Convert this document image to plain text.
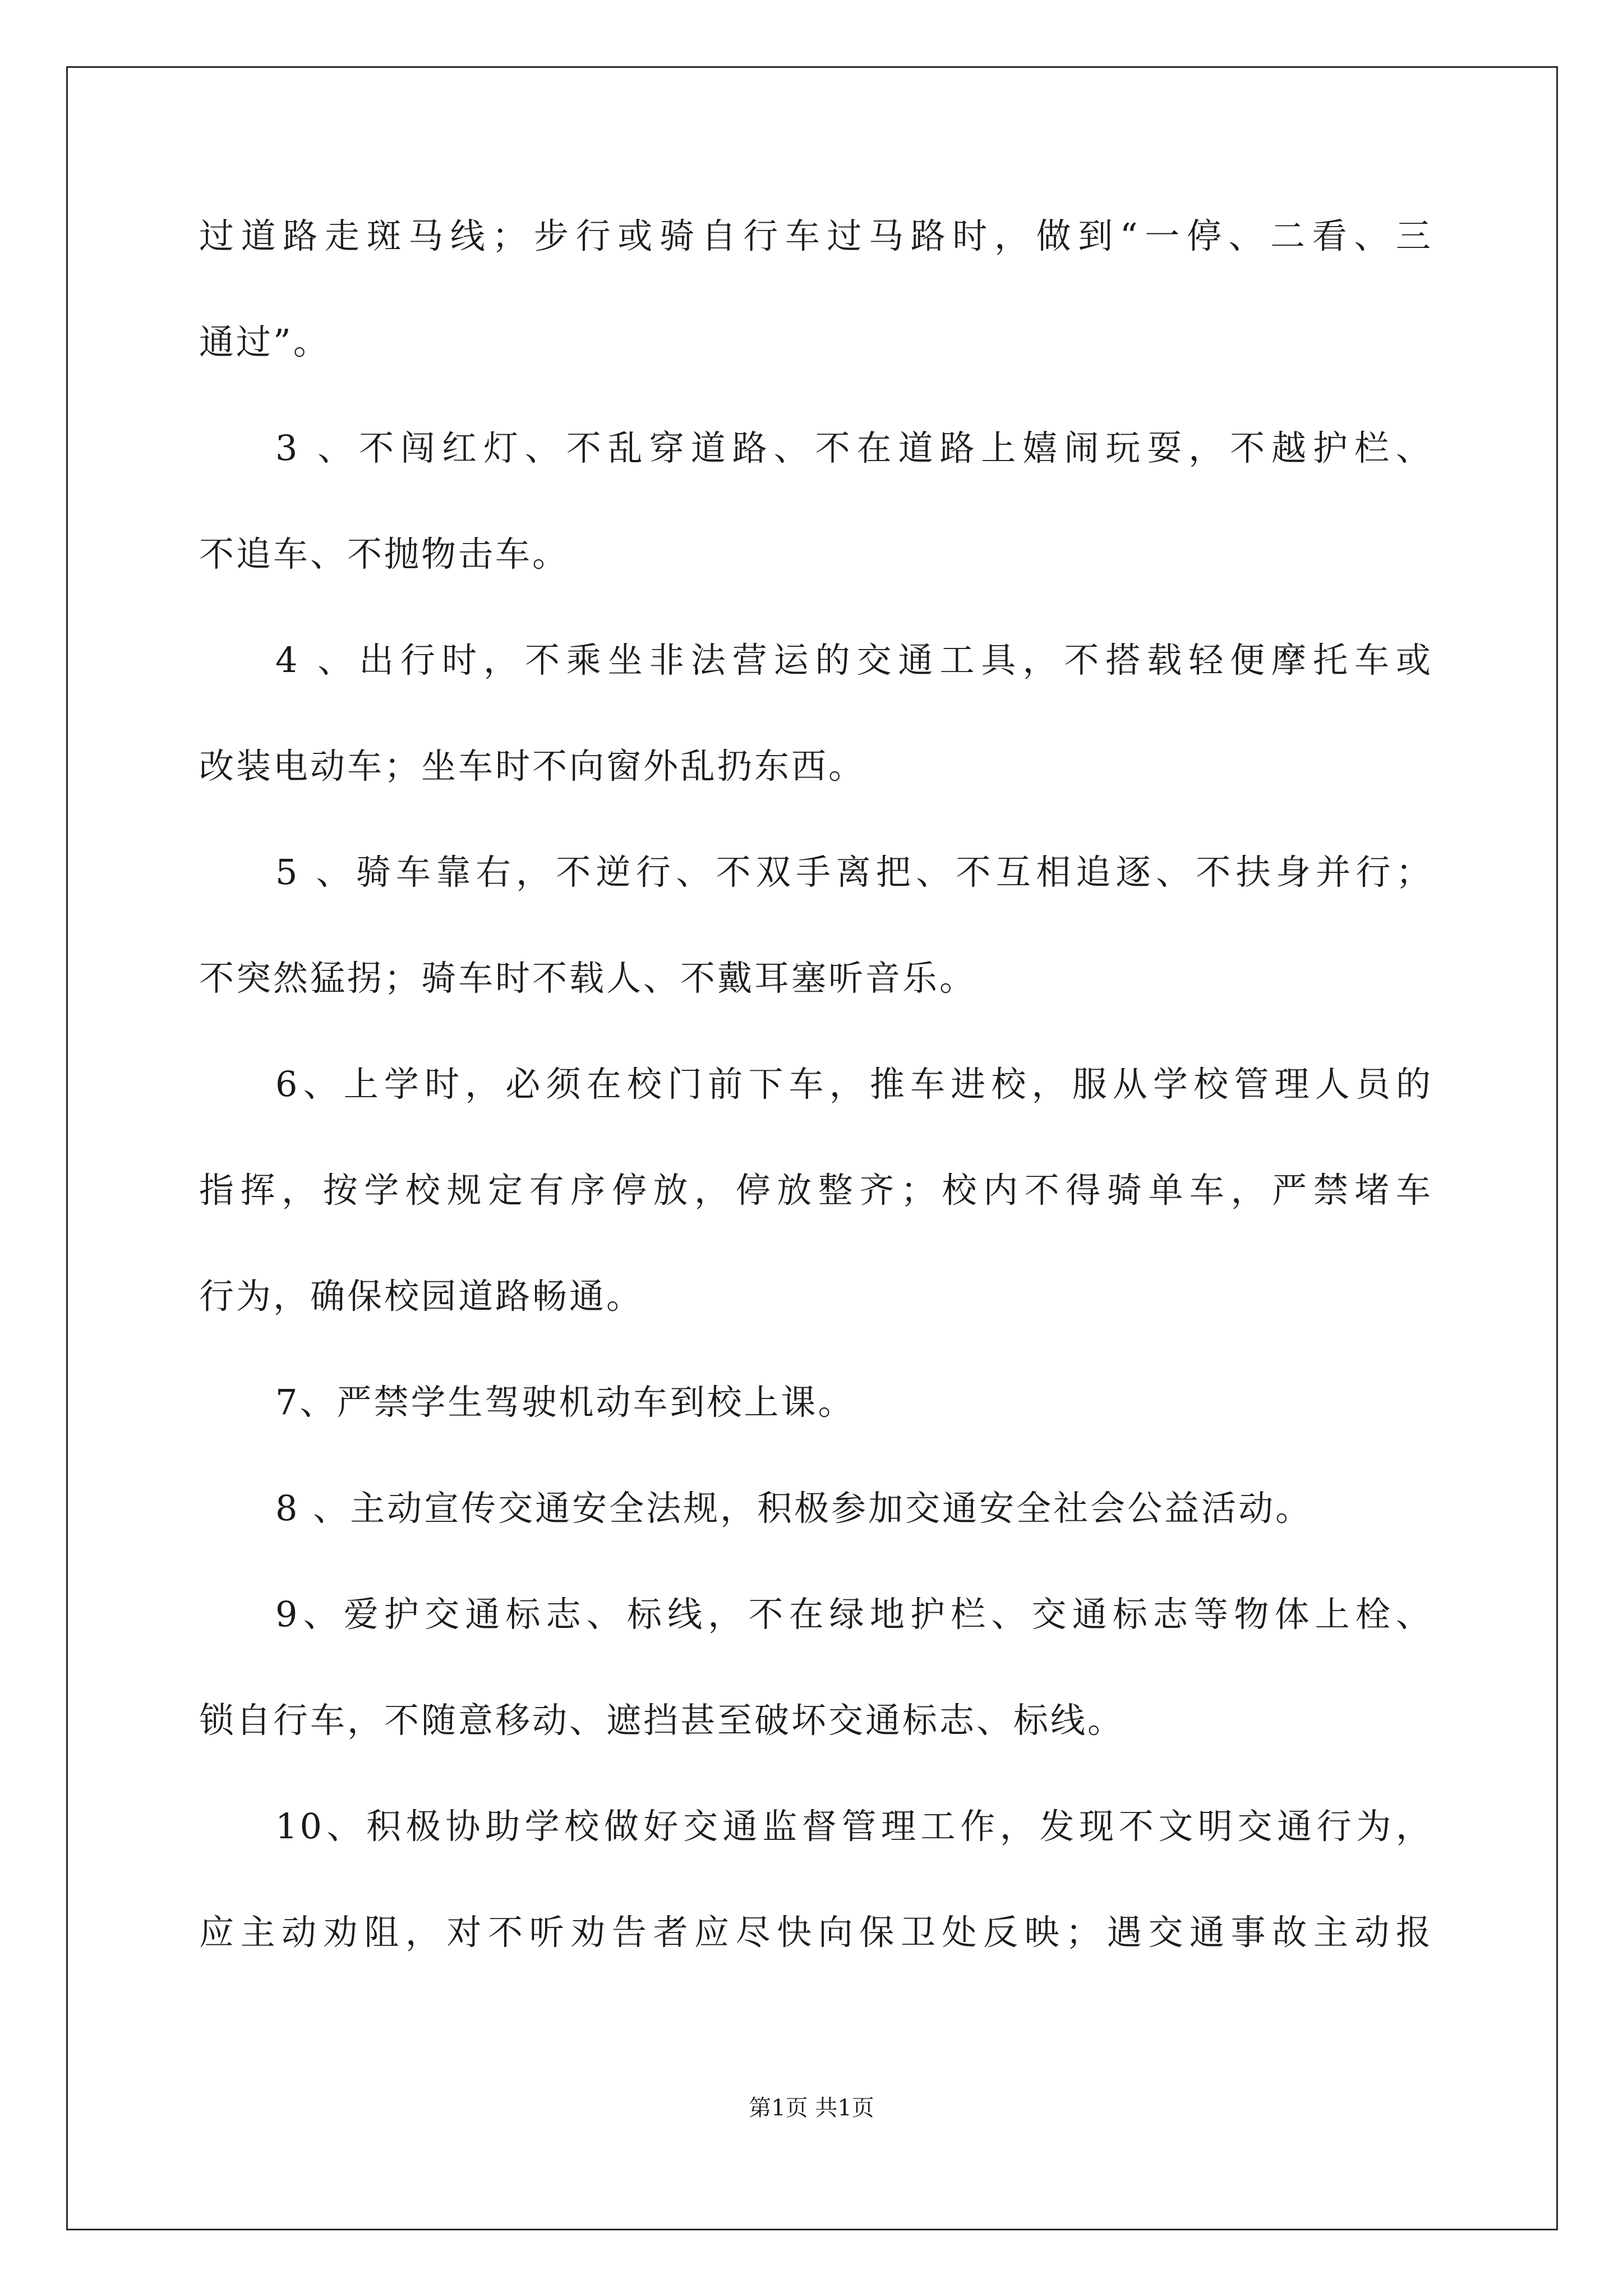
过道路走斑马线；步行或骑自行车过马路时，做到“一停、二看、三
通过”。
3 、不闯红灯、不乱穿道路、不在道路上嬉闹玩耍，不越护栏、
不追车、不抛物击车。
4 、出行时，不乘坐非法营运的交通工具，不搭载轻便摩托车或
改装电动车；坐车时不向窗外乱扔东西。
5 、骑车靠右，不逆行、不双手离把、不互相追逐、不扶身并行；
不突然猛拐；骑车时不载人、不戴耳塞听音乐。
6、上学时，必须在校门前下车，推车进校，服从学校管理人员的
指挥，按学校规定有序停放，停放整齐；校内不得骑单车，严禁堵车
行为，确保校园道路畅通。
7、严禁学生驾驶机动车到校上课。
8 、主动宣传交通安全法规，积极参加交通安全社会公益活动。
9、爱护交通标志、标线，不在绿地护栏、交通标志等物体上栓、
锁自行车，不随意移动、遮挡甚至破坏交通标志、标线。
10、积极协助学校做好交通监督管理工作，发现不文明交通行为，
应主动劝阻，对不听劝告者应尽快向保卫处反映；遇交通事故主动报
第1页 共1页
